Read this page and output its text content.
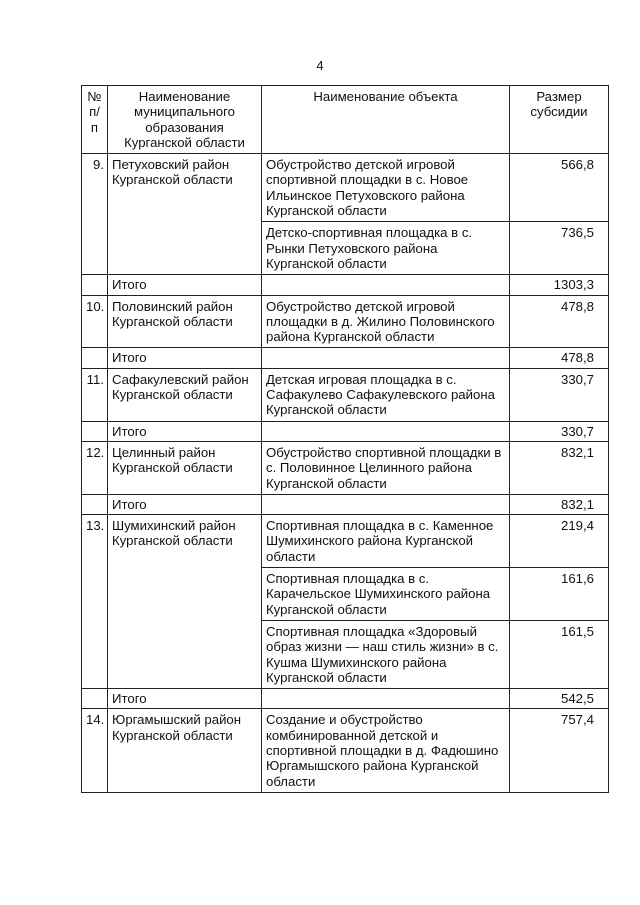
4
№ п/п	Наименование муниципального образования Курганской области	Наименование объекта	Размер субсидии
9.	Петуховский район Курганской области	Обустройство детской игровой спортивной площадки в с. Новое Ильинское Петуховского района Курганской области	566,8
		Детско-спортивная площадка в с. Рынки Петуховского района Курганской области	736,5
	Итого		1303,3
10.	Половинский район Курганской области	Обустройство детской игровой площадки в д. Жилино Половинского района Курганской области	478,8
	Итого		478,8
11.	Сафакулевский район Курганской области	Детская игровая площадка в с. Сафакулево Сафакулевского района Курганской области	330,7
	Итого		330,7
12.	Целинный район Курганской области	Обустройство спортивной площадки в с. Половинное Целинного района Курганской области	832,1
	Итого		832,1
13.	Шумихинский район Курганской области	Спортивная площадка в с. Каменное Шумихинского района Курганской области	219,4
		Спортивная площадка в с. Карачельское Шумихинского района Курганской области	161,6
		Спортивная площадка «Здоровый образ жизни — наш стиль жизни» в с. Кушма Шумихинского района Курганской области	161,5
	Итого		542,5
14.	Юргамышский район Курганской области	Создание и обустройство комбинированной детской и спортивной площадки в д. Фадюшино Юргамышского района Курганской области	757,4
